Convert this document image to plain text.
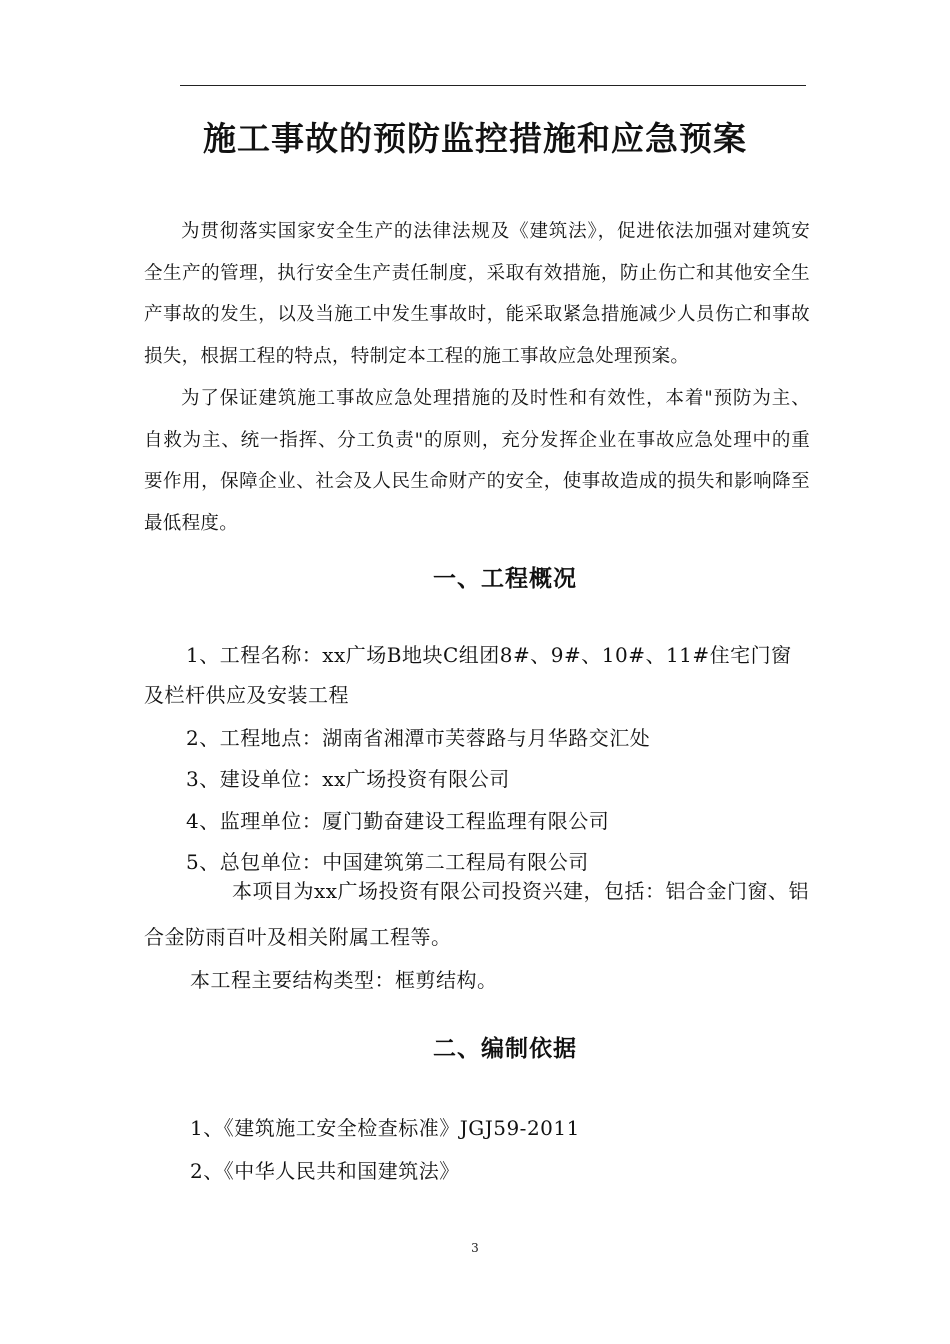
施工事故的预防监控措施和应急预案

为贯彻落实国家安全生产的法律法规及《建筑法》，促进依法加强对建筑安全生产的管理，执行安全生产责任制度，采取有效措施，防止伤亡和其他安全生产事故的发生，以及当施工中发生事故时，能采取紧急措施减少人员伤亡和事故损失，根据工程的特点，特制定本工程的施工事故应急处理预案。

为了保证建筑施工事故应急处理措施的及时性和有效性，本着"预防为主、自救为主、统一指挥、分工负责"的原则，充分发挥企业在事故应急处理中的重要作用，保障企业、社会及人民生命财产的安全，使事故造成的损失和影响降至最低程度。

一、工程概况

1、工程名称：xx广场B地块C组团8#、9#、10#、11#住宅门窗及栏杆供应及安装工程

2、工程地点：湖南省湘潭市芙蓉路与月华路交汇处

3、建设单位：xx广场投资有限公司

4、监理单位：厦门勤奋建设工程监理有限公司

5、总包单位：中国建筑第二工程局有限公司

本项目为xx广场投资有限公司投资兴建，包括：铝合金门窗、铝合金防雨百叶及相关附属工程等。

本工程主要结构类型：框剪结构。

二、编制依据

1、《建筑施工安全检查标准》JGJ59-2011

2、《中华人民共和国建筑法》

3
